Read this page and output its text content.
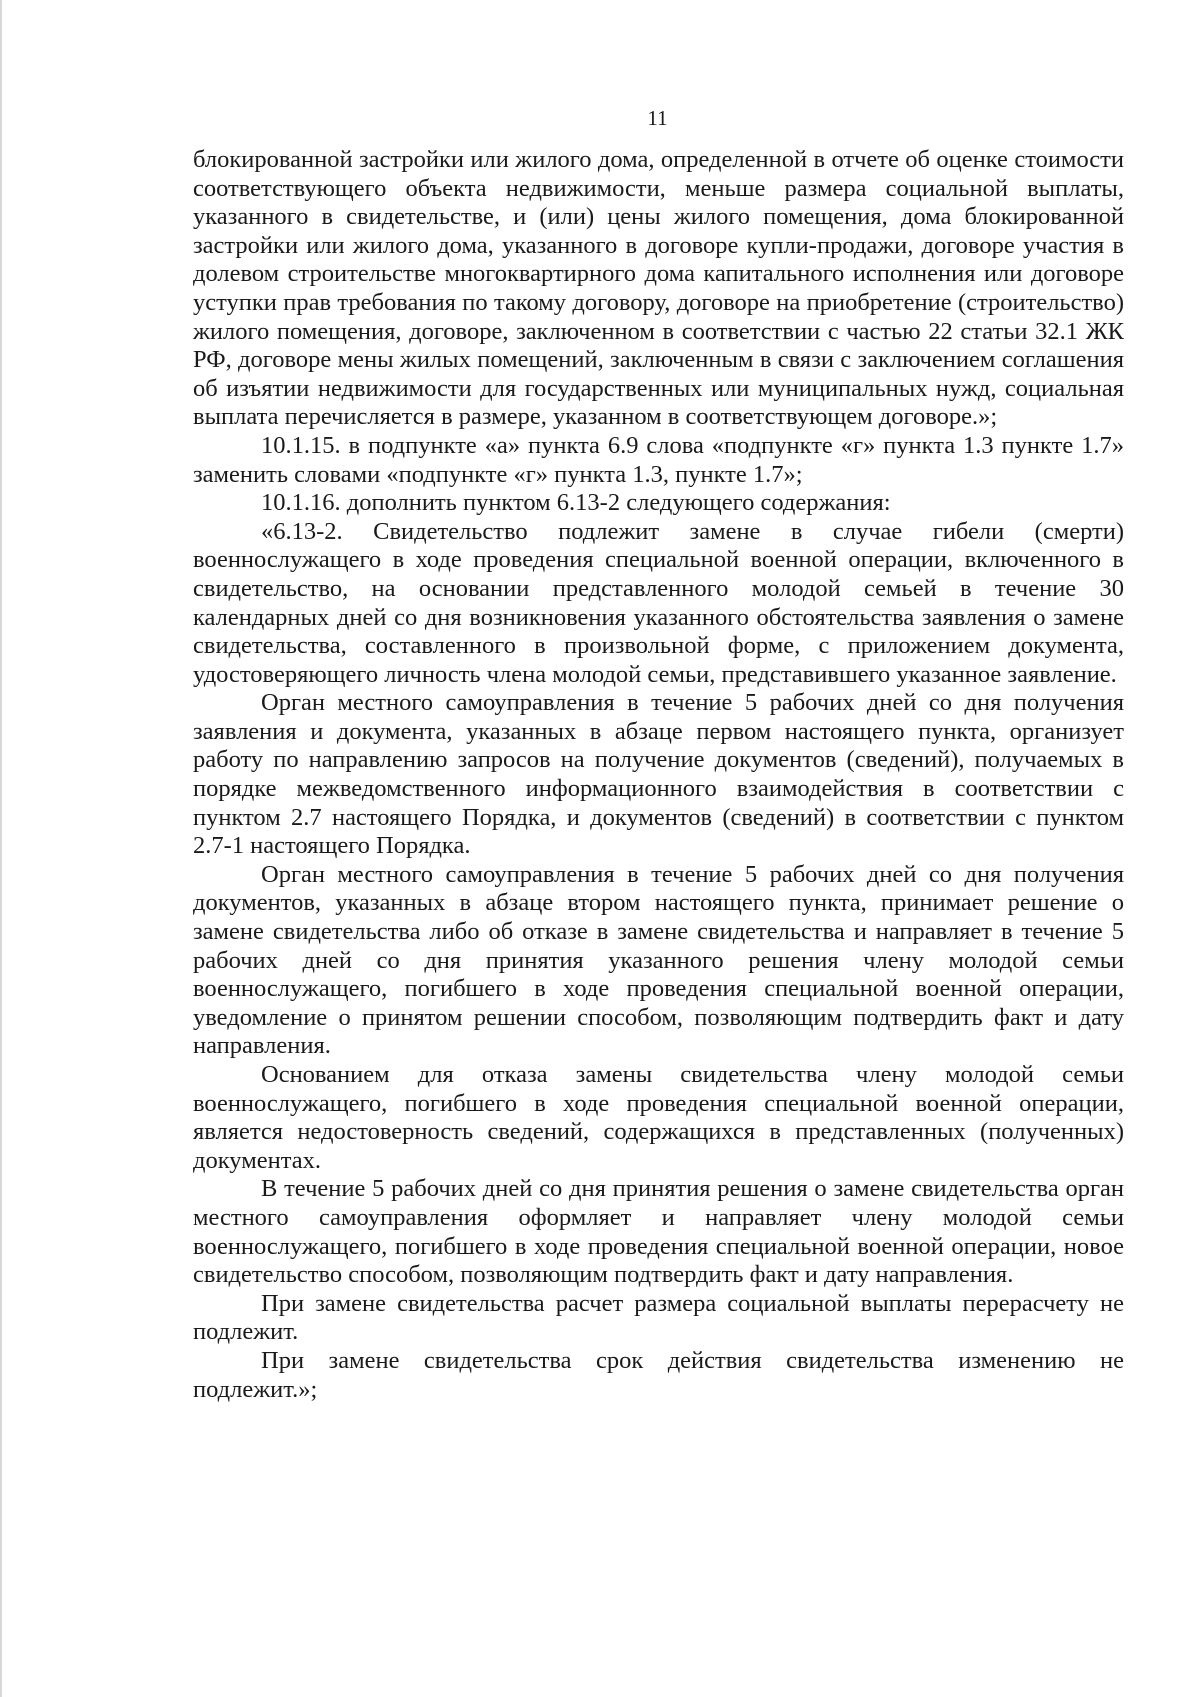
11

блокированной застройки или жилого дома, определенной в отчете об оценке стоимости соответствующего объекта недвижимости, меньше размера социальной выплаты, указанного в свидетельстве, и (или) цены жилого помещения, дома блокированной застройки или жилого дома, указанного в договоре купли-продажи, договоре участия в долевом строительстве многоквартирного дома капитального исполнения или договоре уступки прав требования по такому договору, договоре на приобретение (строительство) жилого помещения, договоре, заключенном в соответствии с частью 22 статьи 32.1 ЖК РФ, договоре мены жилых помещений, заключенным в связи с заключением соглашения об изъятии недвижимости для государственных или муниципальных нужд, социальная выплата перечисляется в размере, указанном в соответствующем договоре.»;

10.1.15. в подпункте «а» пункта 6.9 слова «подпункте «г» пункта 1.3 пункте 1.7» заменить словами «подпункте «г» пункта 1.3, пункте 1.7»;

10.1.16. дополнить пунктом 6.13-2 следующего содержания:

«6.13-2. Свидетельство подлежит замене в случае гибели (смерти) военнослужащего в ходе проведения специальной военной операции, включенного в свидетельство, на основании представленного молодой семьей в течение 30 календарных дней со дня возникновения указанного обстоятельства заявления о замене свидетельства, составленного в произвольной форме, с приложением документа, удостоверяющего личность члена молодой семьи, представившего указанное заявление.

Орган местного самоуправления в течение 5 рабочих дней со дня получения заявления и документа, указанных в абзаце первом настоящего пункта, организует работу по направлению запросов на получение документов (сведений), получаемых в порядке межведомственного информационного взаимодействия в соответствии с пунктом 2.7 настоящего Порядка, и документов (сведений) в соответствии с пунктом 2.7-1 настоящего Порядка.

Орган местного самоуправления в течение 5 рабочих дней со дня получения документов, указанных в абзаце втором настоящего пункта, принимает решение о замене свидетельства либо об отказе в замене свидетельства и направляет в течение 5 рабочих дней со дня принятия указанного решения члену молодой семьи военнослужащего, погибшего в ходе проведения специальной военной операции, уведомление о принятом решении способом, позволяющим подтвердить факт и дату направления.

Основанием для отказа замены свидетельства члену молодой семьи военнослужащего, погибшего в ходе проведения специальной военной операции, является недостоверность сведений, содержащихся в представленных (полученных) документах.

В течение 5 рабочих дней со дня принятия решения о замене свидетельства орган местного самоуправления оформляет и направляет члену молодой семьи военнослужащего, погибшего в ходе проведения специальной военной операции, новое свидетельство способом, позволяющим подтвердить факт и дату направления.

При замене свидетельства расчет размера социальной выплаты перерасчету не подлежит.

При замене свидетельства срок действия свидетельства изменению не подлежит.»;
